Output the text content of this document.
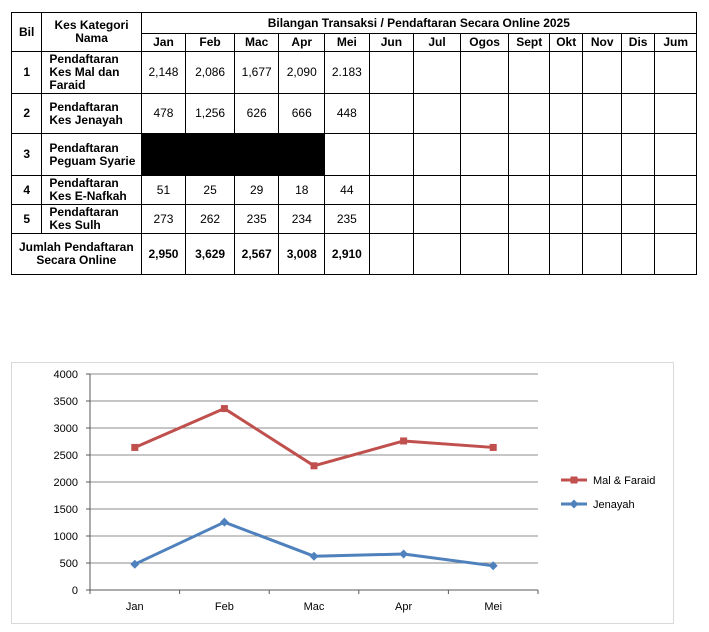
Bil	Kes Kategori Nama	Bilangan Transaksi / Pendaftaran Secara Online 2025												
		Jan	Feb	Mac	Apr	Mei	Jun	Jul	Ogos	Sept	Okt	Nov	Dis	Jum
1	Pendaftaran Kes Mal dan Faraid	2,148	2,086	1,677	2,090	2.183								
2	Pendaftaran Kes Jenayah	478	1,256	626	666	448								
3	Pendaftaran Peguam Syarie													
4	Pendaftaran Kes E-Nafkah	51	25	29	18	44								
5	Pendaftaran Kes Sulh	273	262	235	234	235								
Jumlah Pendaftaran Secara Online		2,950	3,629	2,567	3,008	2,910								
0
500
1000
1500
2000
2500
3000
3500
4000
Jan	Feb	Mac	Apr	Mei
Mal & Faraid
Jenayah
